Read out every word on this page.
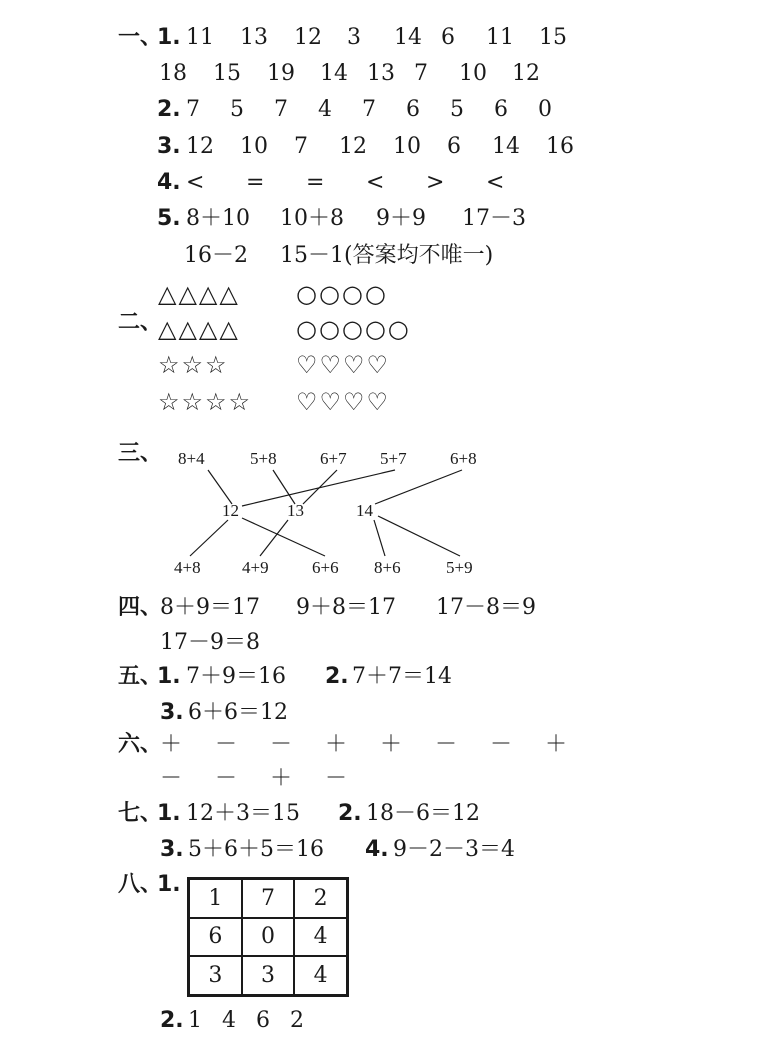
一、
1. 11 13 12 3 14 6 11 15
18 15 19 14 13 7 10 12
2. 7 5 7 4 7 6 5 6 0
3. 12 10 7 12 10 6 14 16
4. < = = < > <
5. 8＋10 10＋8 9＋9 17－3
16－2 15－1(答案均不唯一)
二、
△△△△ ○○○○
△△△△ ○○○○○
☆☆☆	♡♡♡♡
☆☆☆☆ ♡♡♡♡
三、 8+4	5+8	6+7 5+7	6+8
12	13	14
4+8 4+9	6+6 8+6	5+9
四、
8＋9＝17 9＋8＝17 17－8＝9
17－9＝8
五、
1. 7＋9＝16 2. 7＋7＝14
3. 6＋6＝12
六、
＋ － － ＋ ＋ － － ＋
－ － ＋ －
七、
1. 12＋3＝15 2. 18－6＝12
3. 5＋6＋5＝16 4. 9－2－3＝4
八、
1.
1	7	2
6	0	4
3	3	4
2. 1 4 6 2
